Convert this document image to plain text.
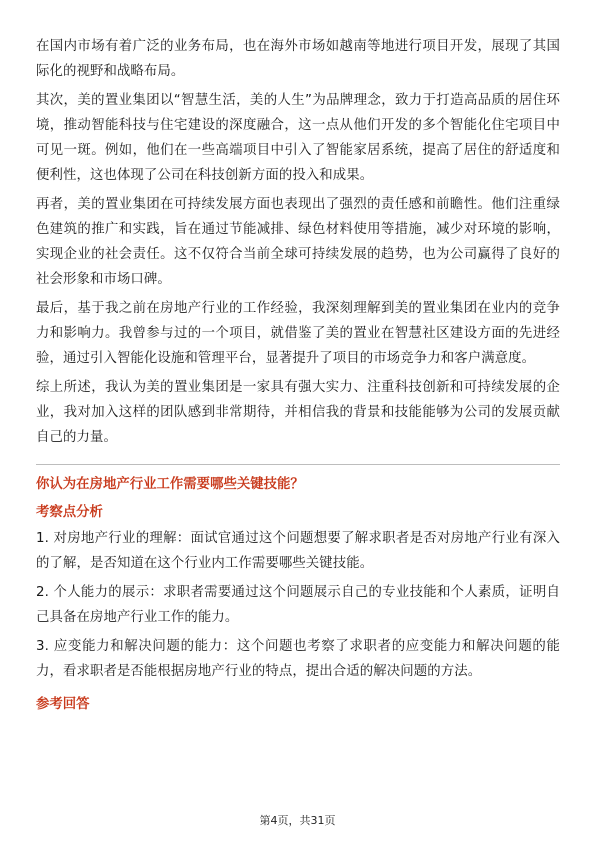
在国内市场有着广泛的业务布局，也在海外市场如越南等地进行项目开发，展现了其国际化的视野和战略布局。

其次，美的置业集团以“智慧生活，美的人生”为品牌理念，致力于打造高品质的居住环境，推动智能科技与住宅建设的深度融合，这一点从他们开发的多个智能化住宅项目中可见一斑。例如，他们在一些高端项目中引入了智能家居系统，提高了居住的舒适度和便利性，这也体现了公司在科技创新方面的投入和成果。

再者，美的置业集团在可持续发展方面也表现出了强烈的责任感和前瞻性。他们注重绿色建筑的推广和实践，旨在通过节能减排、绿色材料使用等措施，减少对环境的影响，实现企业的社会责任。这不仅符合当前全球可持续发展的趋势，也为公司赢得了良好的社会形象和市场口碑。

最后，基于我之前在房地产行业的工作经验，我深刻理解到美的置业集团在业内的竞争力和影响力。我曾参与过的一个项目，就借鉴了美的置业在智慧社区建设方面的先进经验，通过引入智能化设施和管理平台，显著提升了项目的市场竞争力和客户满意度。

综上所述，我认为美的置业集团是一家具有强大实力、注重科技创新和可持续发展的企业，我对加入这样的团队感到非常期待，并相信我的背景和技能能够为公司的发展贡献自己的力量。

你认为在房地产行业工作需要哪些关键技能？
考察点分析

1. 对房地产行业的理解：面试官通过这个问题想要了解求职者是否对房地产行业有深入的了解，是否知道在这个行业内工作需要哪些关键技能。

2. 个人能力的展示：求职者需要通过这个问题展示自己的专业技能和个人素质，证明自己具备在房地产行业工作的能力。

3. 应变能力和解决问题的能力：这个问题也考察了求职者的应变能力和解决问题的能力，看求职者是否能根据房地产行业的特点，提出合适的解决问题的方法。

参考回答
第4页，共31页
